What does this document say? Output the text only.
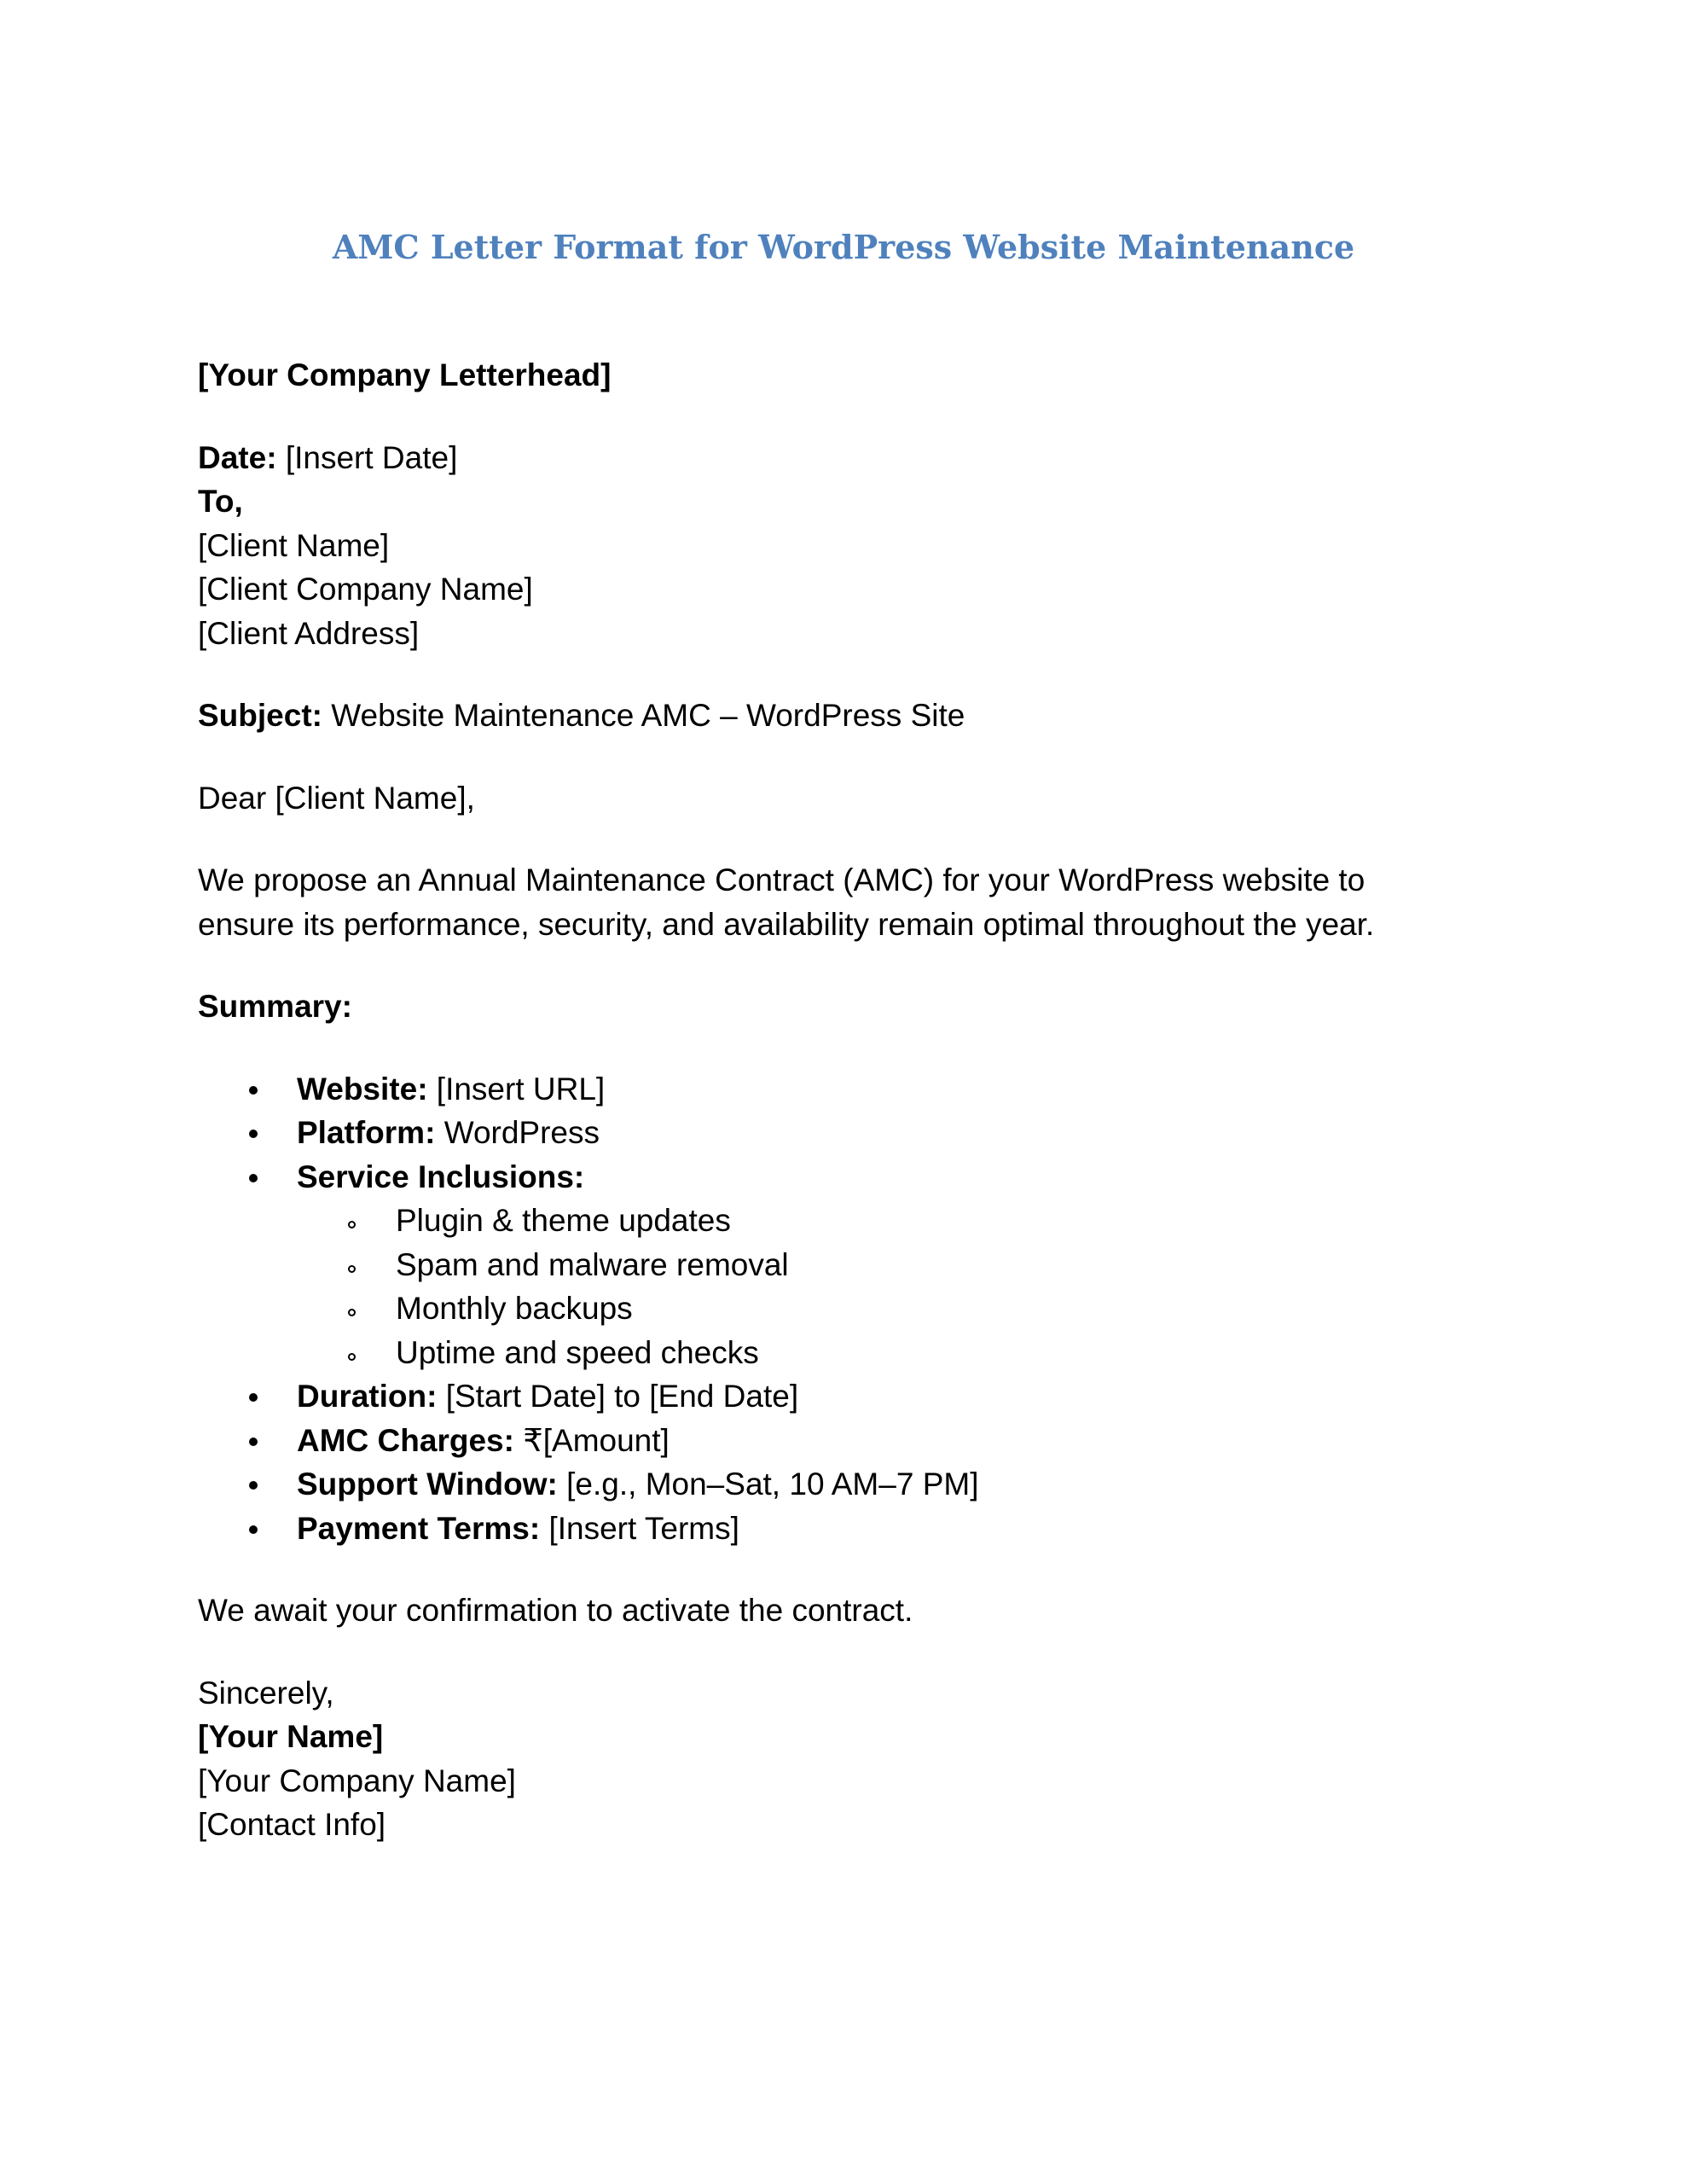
AMC Letter Format for WordPress Website Maintenance

[Your Company Letterhead]

Date: [Insert Date]

To,

[Client Name]

[Client Company Name]

[Client Address]

Subject: Website Maintenance AMC – WordPress Site

Dear [Client Name],

We propose an Annual Maintenance Contract (AMC) for your WordPress website to

ensure its performance, security, and availability remain optimal throughout the year.

Summary:

Website: [Insert URL]
Platform: WordPress
Service Inclusions:
Plugin & theme updates
Spam and malware removal
Monthly backups
Uptime and speed checks
Duration: [Start Date] to [End Date]
AMC Charges: ₹[Amount]
Support Window: [e.g., Mon–Sat, 10 AM–7 PM]
Payment Terms: [Insert Terms]

We await your confirmation to activate the contract.

Sincerely,

[Your Name]

[Your Company Name]

[Contact Info]
